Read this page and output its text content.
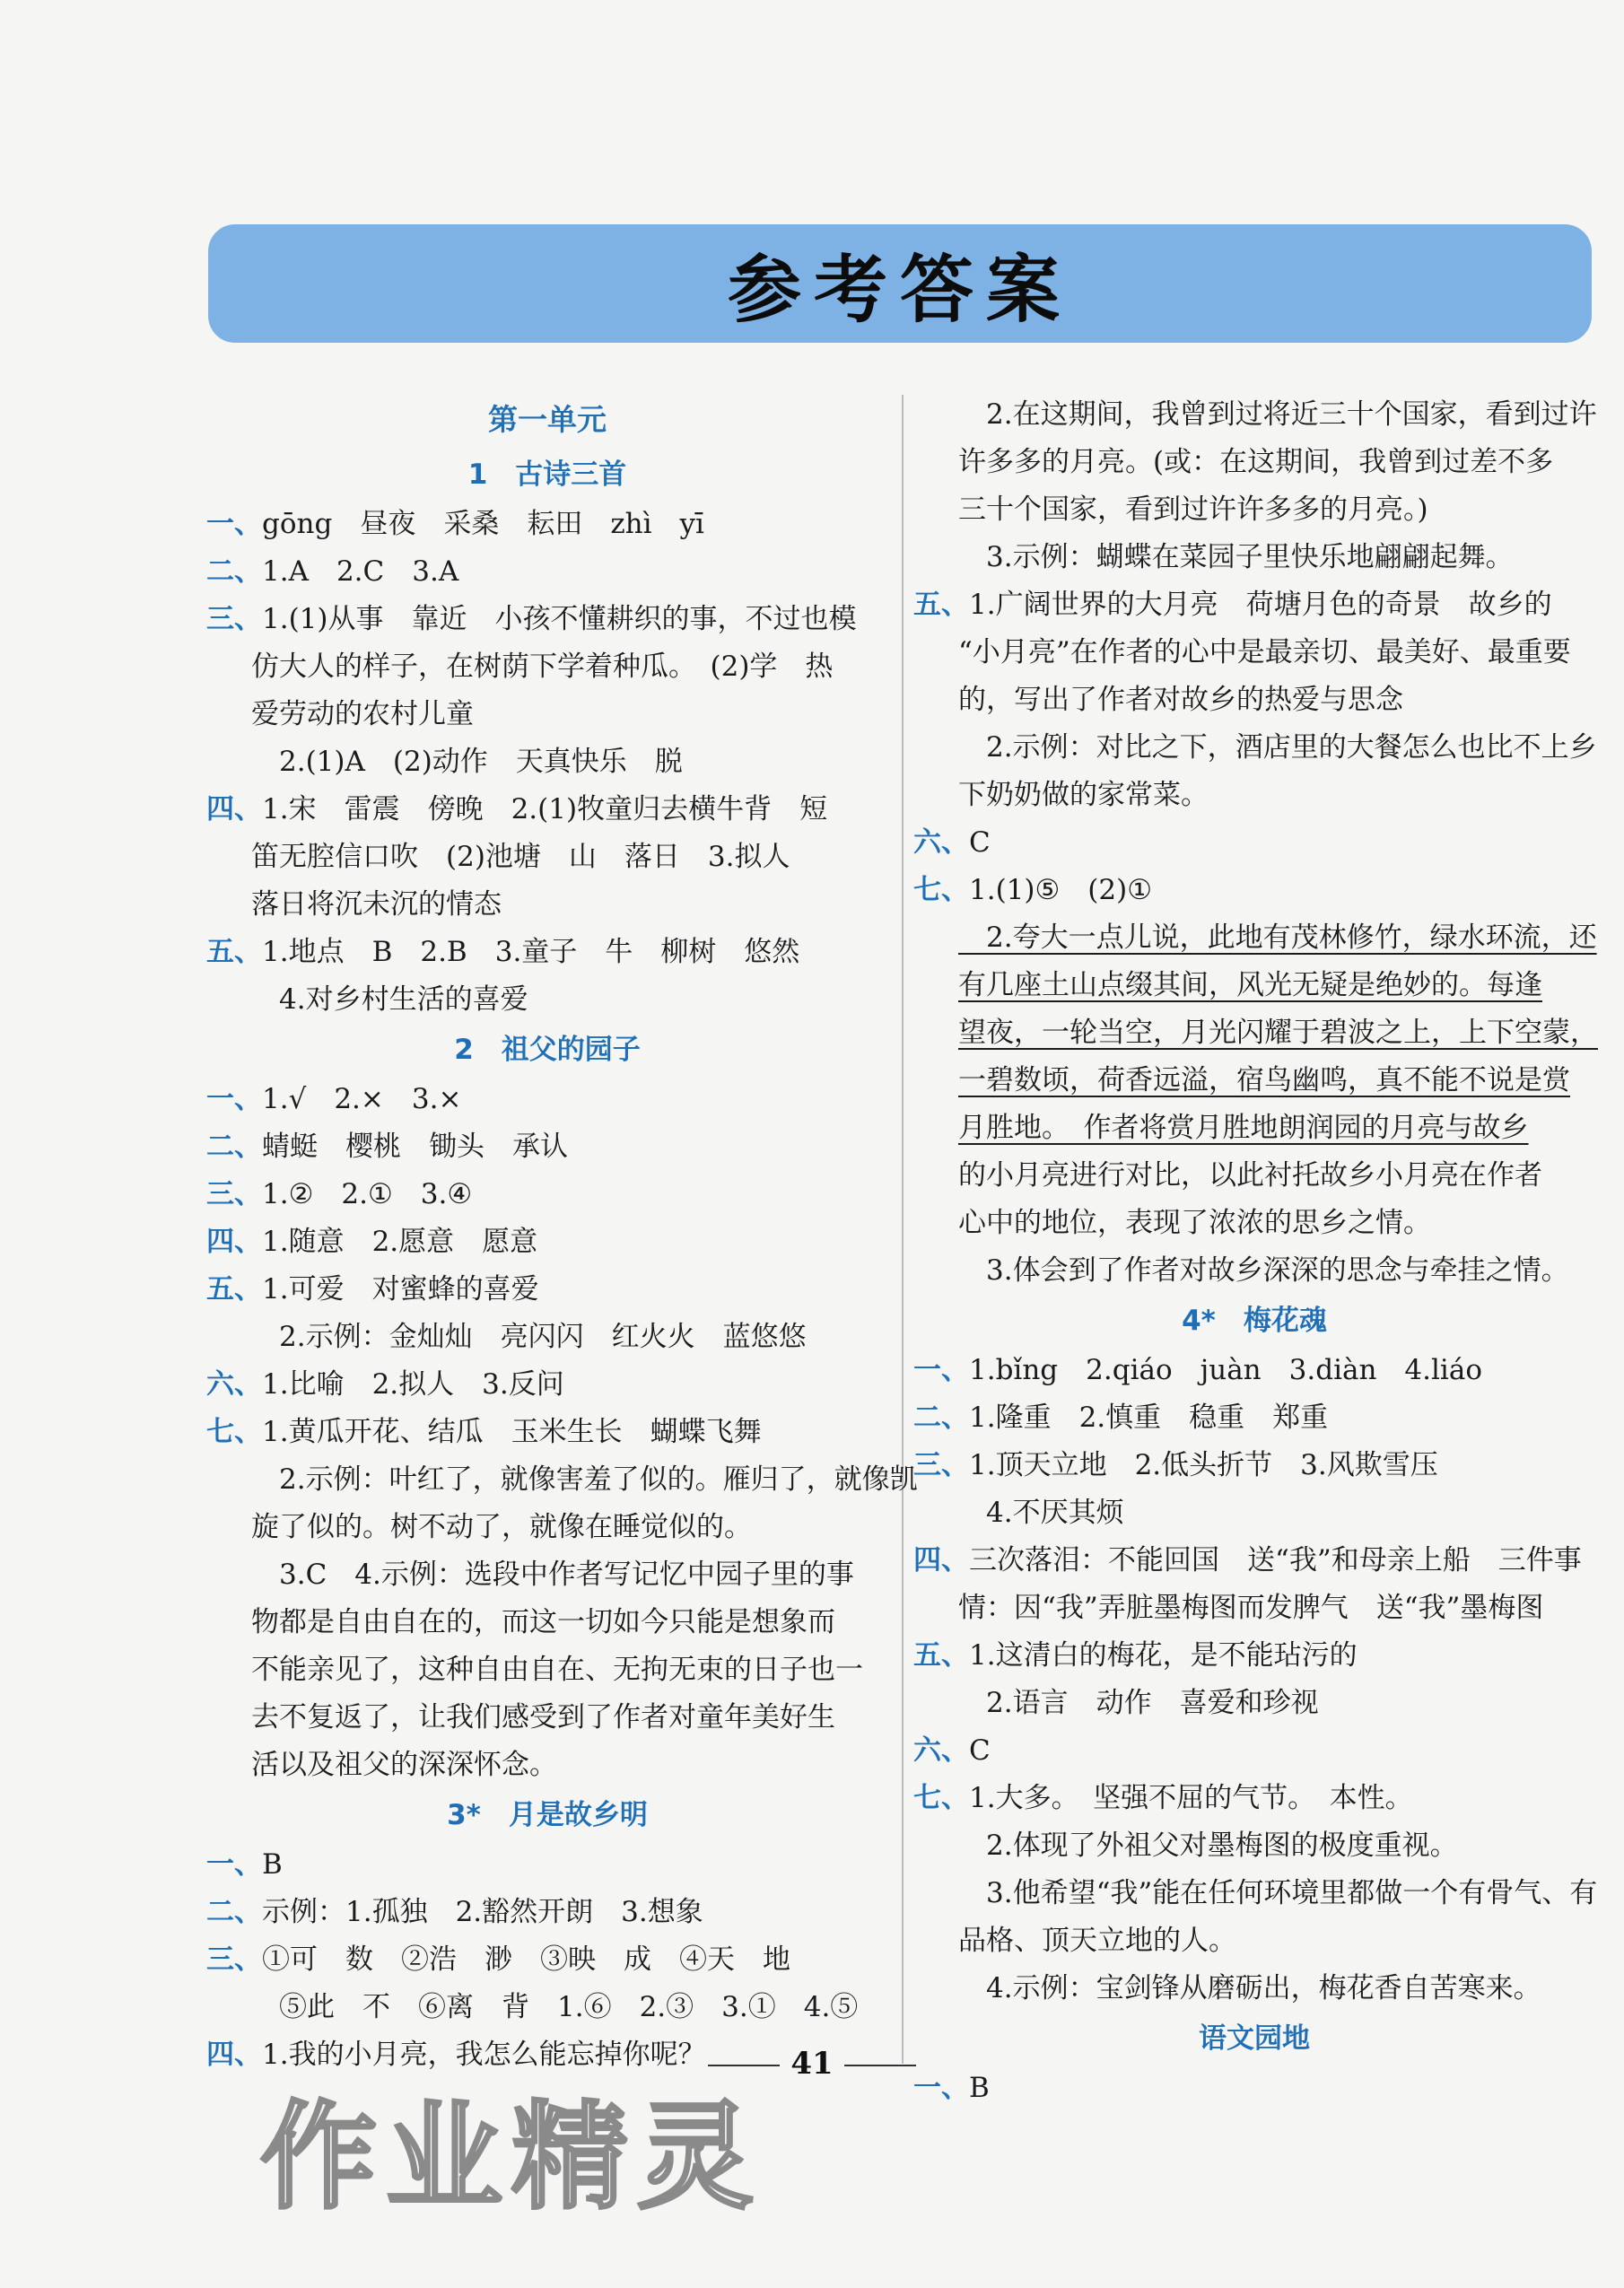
参考答案
第一单元
1　古诗三首
一、gōng　昼夜　采桑　耘田　zhì　yī
二、1.A　2.C　3.A
三、1.(1)从事　靠近　小孩不懂耕织的事，不过也模
仿大人的样子，在树荫下学着种瓜。　(2)学　热
爱劳动的农村儿童
　2.(1)A　(2)动作　天真快乐　脱
四、1.宋　雷震　傍晚　2.(1)牧童归去横牛背　短
笛无腔信口吹　(2)池塘　山　落日　3.拟人
落日将沉未沉的情态
五、1.地点　B　2.B　3.童子　牛　柳树　悠然
　4.对乡村生活的喜爱
2　祖父的园子
一、1.√　2.×　3.×
二、蜻蜓　樱桃　锄头　承认
三、1.②　2.①　3.④
四、1.随意　2.愿意　愿意
五、1.可爱　对蜜蜂的喜爱
　2.示例：金灿灿　亮闪闪　红火火　蓝悠悠
六、1.比喻　2.拟人　3.反问
七、1.黄瓜开花、结瓜　玉米生长　蝴蝶飞舞
　2.示例：叶红了，就像害羞了似的。雁归了，就像凯
旋了似的。树不动了，就像在睡觉似的。
　3.C　4.示例：选段中作者写记忆中园子里的事
物都是自由自在的，而这一切如今只能是想象而
不能亲见了，这种自由自在、无拘无束的日子也一
去不复返了，让我们感受到了作者对童年美好生
活以及祖父的深深怀念。
3*　月是故乡明
一、B
二、示例：1.孤独　2.豁然开朗　3.想象
三、①可　数　②浩　渺　③映　成　④天　地
　⑤此　不　⑥离　背　1.⑥　2.③　3.①　4.⑤
四、1.我的小月亮，我怎么能忘掉你呢？
　2.在这期间，我曾到过将近三十个国家，看到过许
许多多的月亮。(或：在这期间，我曾到过差不多
三十个国家，看到过许许多多的月亮。)
　3.示例：蝴蝶在菜园子里快乐地翩翩起舞。
五、1.广阔世界的大月亮　荷塘月色的奇景　故乡的
“小月亮”在作者的心中是最亲切、最美好、最重要
的，写出了作者对故乡的热爱与思念
　2.示例：对比之下，酒店里的大餐怎么也比不上乡
下奶奶做的家常菜。
六、C
七、1.(1)⑤　(2)①
　2.夸大一点儿说，此地有茂林修竹，绿水环流，还
有几座土山点缀其间，风光无疑是绝妙的。每逢
望夜，一轮当空，月光闪耀于碧波之上，上下空蒙，
一碧数顷，荷香远溢，宿鸟幽鸣，真不能不说是赏
月胜地。　作者将赏月胜地朗润园的月亮与故乡
的小月亮进行对比，以此衬托故乡小月亮在作者
心中的地位，表现了浓浓的思乡之情。
　3.体会到了作者对故乡深深的思念与牵挂之情。
4*　梅花魂
一、1.bǐng　2.qiáo　juàn　3.diàn　4.liáo
二、1.隆重　2.慎重　稳重　郑重
三、1.顶天立地　2.低头折节　3.风欺雪压
　4.不厌其烦
四、三次落泪：不能回国　送“我”和母亲上船　三件事
情：因“我”弄脏墨梅图而发脾气　送“我”墨梅图
五、1.这清白的梅花，是不能玷污的
　2.语言　动作　喜爱和珍视
六、C
七、1.大多。　坚强不屈的气节。　本性。
　2.体现了外祖父对墨梅图的极度重视。
　3.他希望“我”能在任何环境里都做一个有骨气、有
品格、顶天立地的人。
　4.示例：宝剑锋从磨砺出，梅花香自苦寒来。
语文园地
一、B
41
作业精灵
